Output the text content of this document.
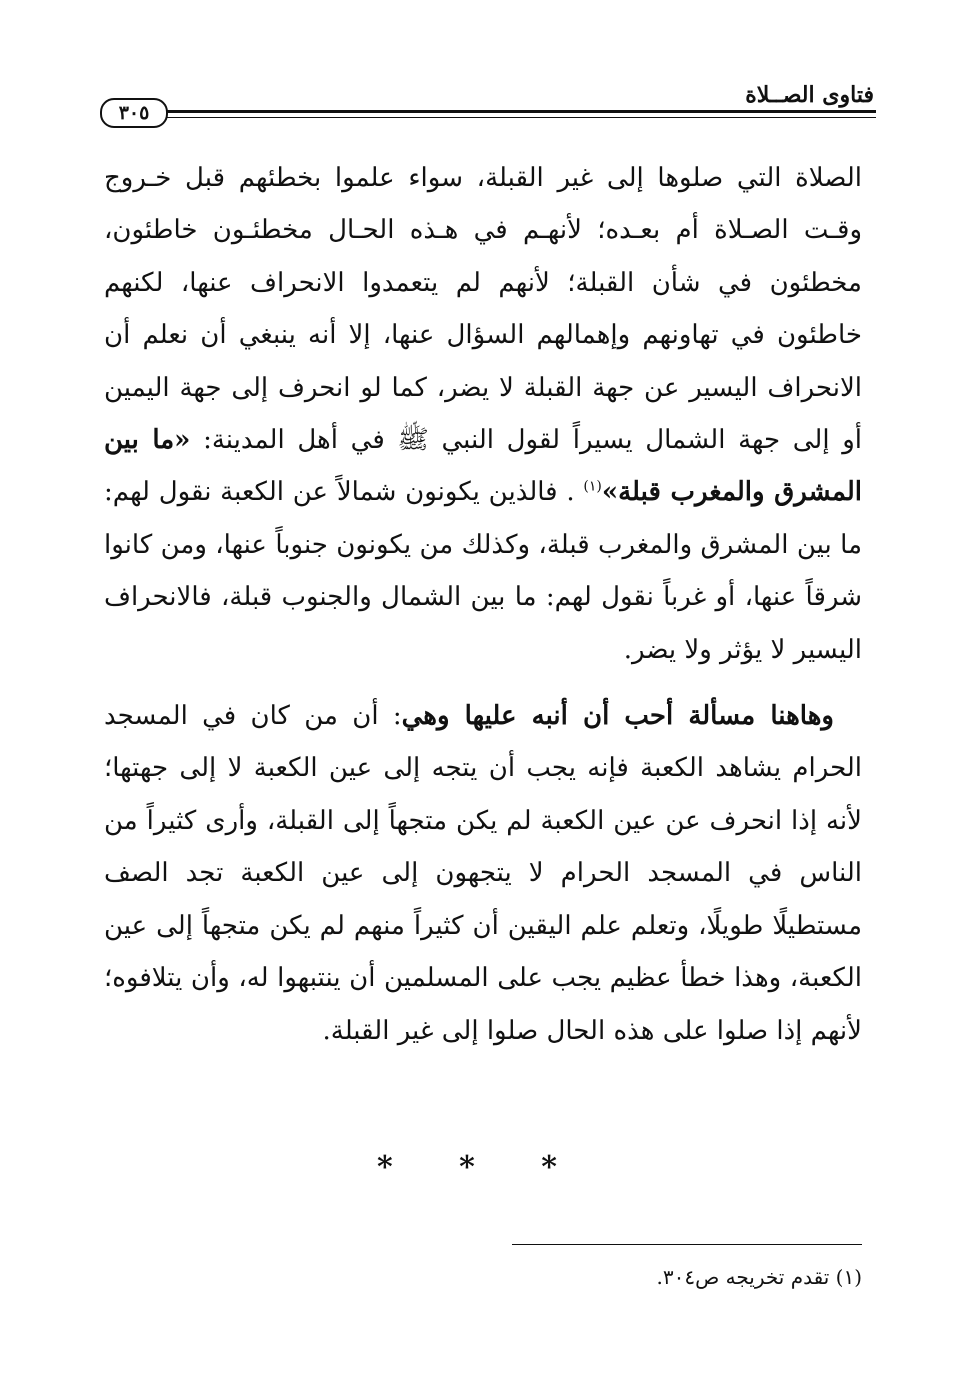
٣٠٥
فتاوى الصــلاة

الصلاة التي صلوها إلى غير القبلة، سواء علموا بخطئهم قبل خـروج وقـت الصـلاة أم بعـده؛ لأنهـم في هـذه الحـال مخطئـون خاطئون، مخطئون في شأن القبلة؛ لأنهم لم يتعمدوا الانحراف عنها، لكنهم خاطئون في تهاونهم وإهمالهم السؤال عنها، إلا أنه ينبغي أن نعلم أن الانحراف اليسير عن جهة القبلة لا يضر، كما لو انحرف إلى جهة اليمين أو إلى جهة الشمال يسيراً لقول النبي ﷺ في أهل المدينة: «ما بين المشرق والمغرب قبلة»$^{(١)}$ . فالذين يكونون شمالاً عن الكعبة نقول لهم: ما بين المشرق والمغرب قبلة، وكذلك من يكونون جنوباً عنها، ومن كانوا شرقاً عنها، أو غرباً نقول لهم: ما بين الشمال والجنوب قبلة، فالانحراف اليسير لا يؤثر ولا يضر.

وهاهنا مسألة أحب أن أنبه عليها وهي: أن من كان في المسجد الحرام يشاهد الكعبة فإنه يجب أن يتجه إلى عين الكعبة لا إلى جهتها؛ لأنه إذا انحرف عن عين الكعبة لم يكن متجهاً إلى القبلة، وأرى كثيراً من الناس في المسجد الحرام لا يتجهون إلى عين الكعبة تجد الصف مستطيلًا طويلًا، وتعلم علم اليقين أن كثيراً منهم لم يكن متجهاً إلى عين الكعبة، وهذا خطأ عظيم يجب على المسلمين أن ينتبهوا له، وأن يتلافوه؛ لأنهم إذا صلوا على هذه الحال صلوا إلى غير القبلة.

* * *
(١) تقدم تخريجه ص٣٠٤.
